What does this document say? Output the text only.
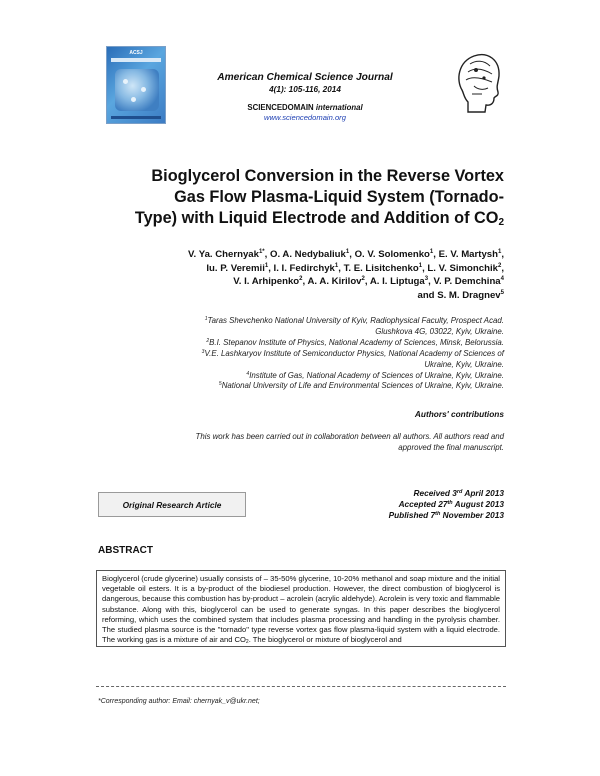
ACSJ
American Chemical Science Journal
4(1): 105-116, 2014
SCIENCEDOMAIN international
www.sciencedomain.org
Bioglycerol Conversion in the Reverse Vortex
Gas Flow Plasma-Liquid System (Tornado-
Type) with Liquid Electrode and Addition of $CO_2$
V. Ya. Chernyak$^{1*}$, O. A. Nedybaliuk$^1$, O. V. Solomenko$^1$, E. V. Martysh$^1$,
Iu. P. Veremii$^1$, I. I. Fedirchyk$^1$, T. E. Lisitchenko$^1$, L. V. Simonchik$^2$,
V. I. Arhipenko$^2$, A. A. Kirilov$^2$, A. I. Liptuga$^3$, V. P. Demchina$^4$
and S. M. Dragnev$^5$
$^1$Taras Shevchenko National University of Kyiv, Radiophysical Faculty, Prospect Acad.
Glushkova 4G, 03022, Kyiv, Ukraine.
$^2$B.I. Stepanov Institute of Physics, National Academy of Sciences, Minsk, Belorussia.
$^3$V.E. Lashkaryov Institute of Semiconductor Physics, National Academy of Sciences of
Ukraine, Kyiv, Ukraine.
$^4$Institute of Gas, National Academy of Sciences of Ukraine, Kyiv, Ukraine.
$^5$National University of Life and Environmental Sciences of Ukraine, Kyiv, Ukraine.
Authors' contributions
This work has been carried out in collaboration between all authors. All authors read and
approved the final manuscript.
Original Research Article
Received 3rd April 2013
Accepted 27th August 2013
Published 7th November 2013
ABSTRACT
Bioglycerol (crude glycerine) usually consists of – 35-50% glycerine, 10-20% methanol and soap mixture and the initial vegetable oil esters. It is a by-product of the biodiesel production. However, the direct combustion of bioglycerol is dangerous, because this combustion has by-product – acrolein (acrylic aldehyde). Acrolein is very toxic and flammable substance. Along with this, bioglycerol can be used to generate syngas. In this paper describes the bioglycerol reforming, which uses the combined system that includes plasma processing and handling in the pyrolysis chamber. The studied plasma source is the "tornado" type reverse vortex gas flow plasma-liquid system with a liquid electrode. The working gas is a mixture of air and $CO_2$. The bioglycerol or mixture of bioglycerol and
*Corresponding author: Email: chernyak_v@ukr.net;
